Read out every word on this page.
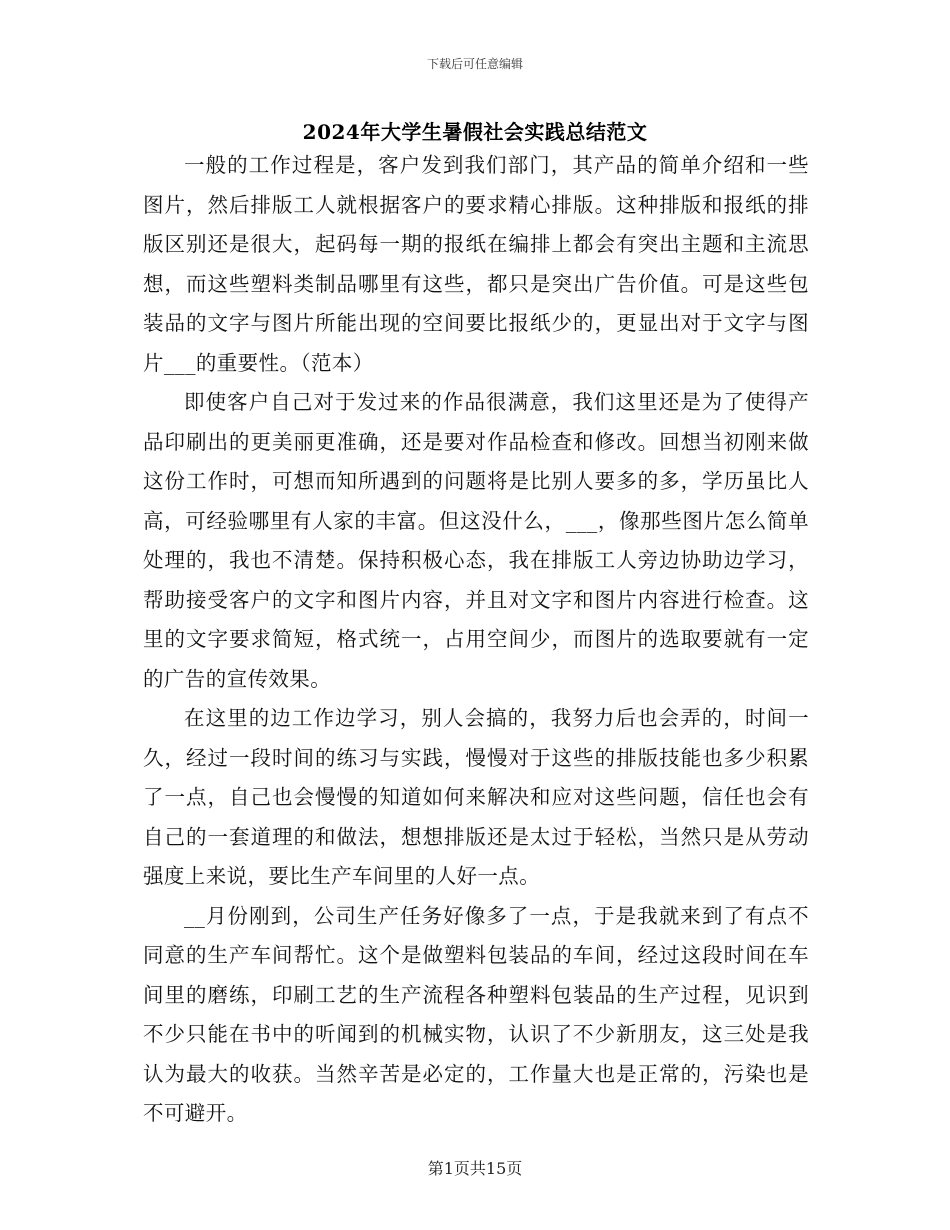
下载后可任意编辑
2024年大学生暑假社会实践总结范文

一般的工作过程是，客户发到我们部门，其产品的简单介绍和一些图片，然后排版工人就根据客户的要求精心排版。这种排版和报纸的排版区别还是很大，起码每一期的报纸在编排上都会有突出主题和主流思想，而这些塑料类制品哪里有这些，都只是突出广告价值。可是这些包装品的文字与图片所能出现的空间要比报纸少的，更显出对于文字与图片___的重要性。（范本）

即使客户自己对于发过来的作品很满意，我们这里还是为了使得产品印刷出的更美丽更准确，还是要对作品检查和修改。回想当初刚来做这份工作时，可想而知所遇到的问题将是比别人要多的多，学历虽比人高，可经验哪里有人家的丰富。但这没什么，___，像那些图片怎么简单处理的，我也不清楚。保持积极心态，我在排版工人旁边协助边学习，帮助接受客户的文字和图片内容，并且对文字和图片内容进行检查。这里的文字要求简短，格式统一，占用空间少，而图片的选取要就有一定的广告的宣传效果。

在这里的边工作边学习，别人会搞的，我努力后也会弄的，时间一久，经过一段时间的练习与实践，慢慢对于这些的排版技能也多少积累了一点，自己也会慢慢的知道如何来解决和应对这些问题，信任也会有自己的一套道理的和做法，想想排版还是太过于轻松，当然只是从劳动强度上来说，要比生产车间里的人好一点。

__月份刚到，公司生产任务好像多了一点，于是我就来到了有点不同意的生产车间帮忙。这个是做塑料包装品的车间，经过这段时间在车间里的磨练，印刷工艺的生产流程各种塑料包装品的生产过程，见识到不少只能在书中的听闻到的机械实物，认识了不少新朋友，这三处是我认为最大的收获。当然辛苦是必定的，工作量大也是正常的，污染也是不可避开。

第1页共15页
